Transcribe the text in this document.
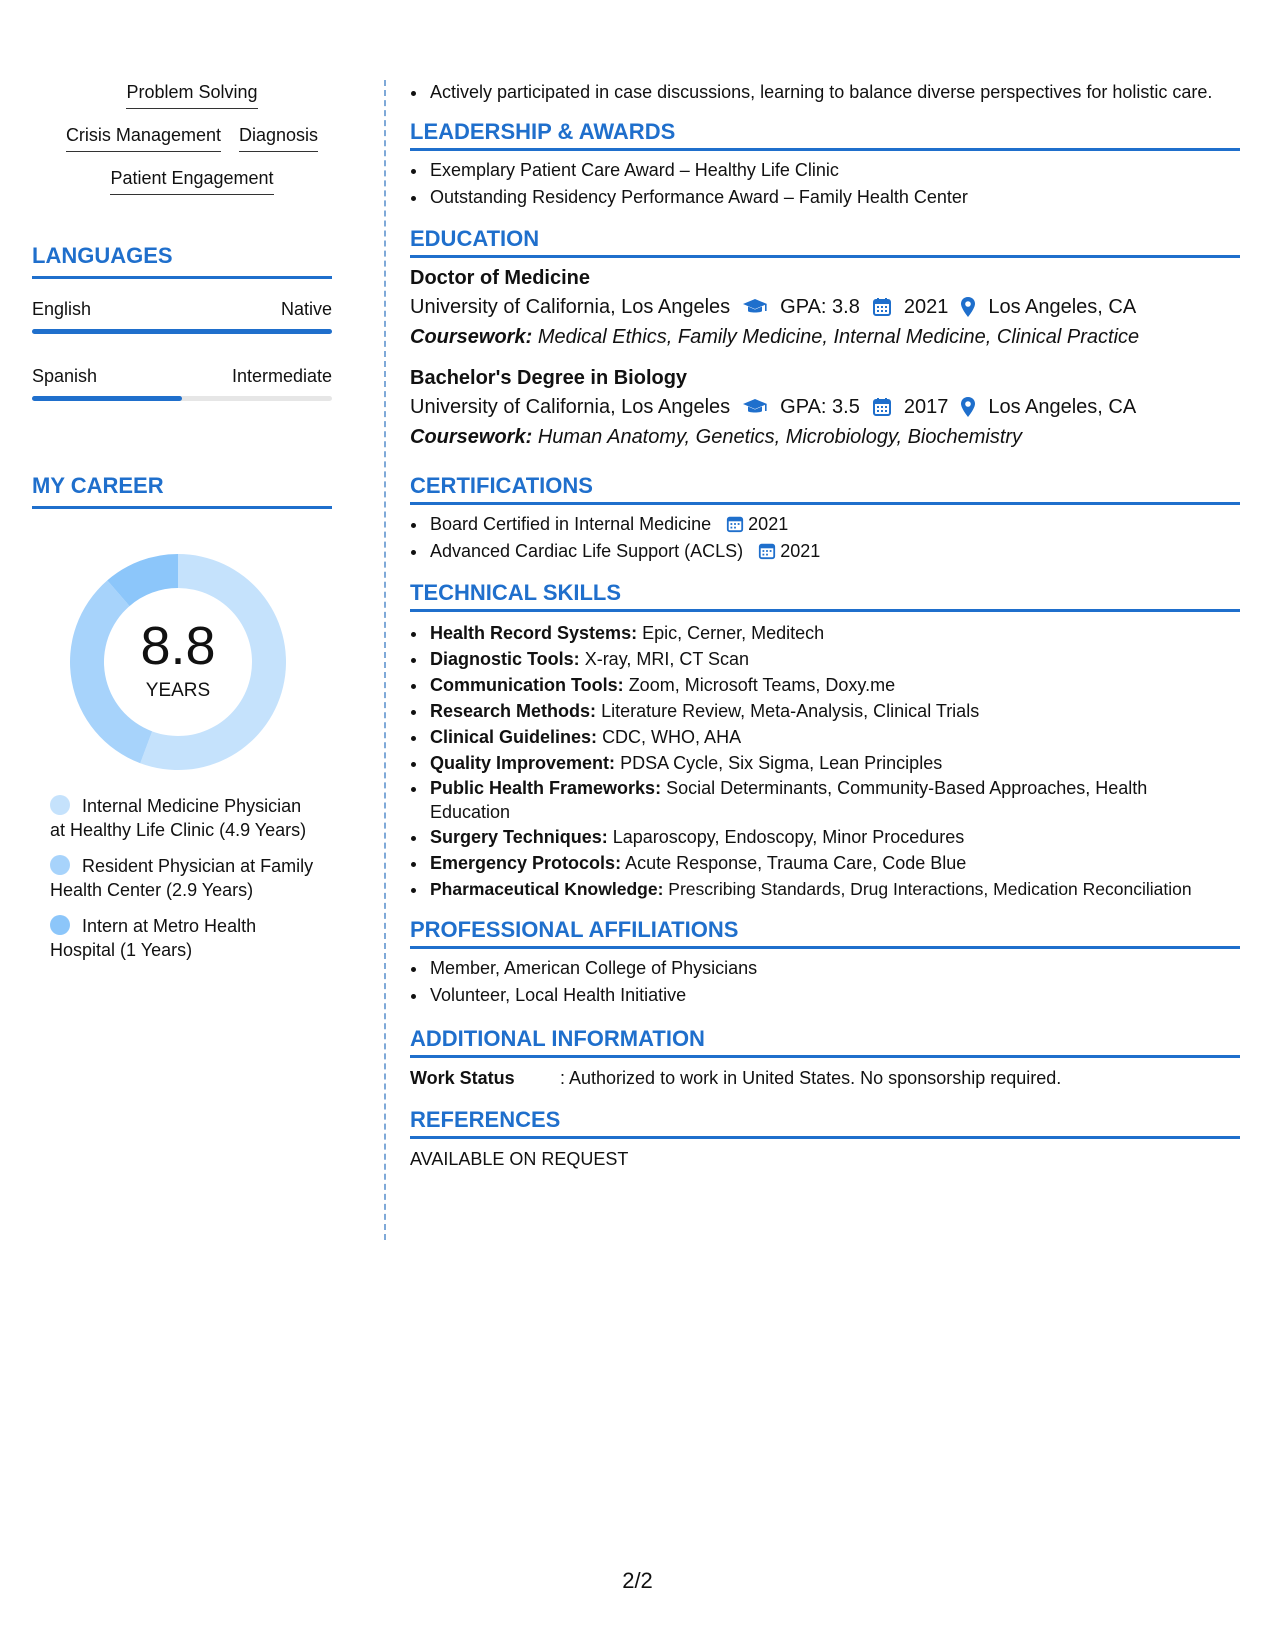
Problem Solving
Crisis Management Diagnosis
Patient Engagement
LANGUAGES
English	Native
Spanish	Intermediate
MY CAREER
8.8
YEARS
Internal Medicine Physician
at Healthy Life Clinic (4.9 Years)
Resident Physician at Family
Health Center (2.9 Years)
Intern at Metro Health
Hospital (1 Years)
• Actively participated in case discussions, learning to balance diverse perspectives for holistic care.
LEADERSHIP & AWARDS
• Exemplary Patient Care Award – Healthy Life Clinic
• Outstanding Residency Performance Award – Family Health Center
EDUCATION
Doctor of Medicine
University of California, Los Angeles	GPA: 3.8 2021 Los Angeles, CA
Coursework: Medical Ethics, Family Medicine, Internal Medicine, Clinical Practice
Bachelor's Degree in Biology
University of California, Los Angeles	GPA: 3.5 2017 Los Angeles, CA
Coursework: Human Anatomy, Genetics, Microbiology, Biochemistry
CERTIFICATIONS
• Board Certified in Internal Medicine 2021
• Advanced Cardiac Life Support (ACLS) 2021
TECHNICAL SKILLS
• Health Record Systems: Epic, Cerner, Meditech
• Diagnostic Tools: X-ray, MRI, CT Scan
• Communication Tools: Zoom, Microsoft Teams, Doxy.me
• Research Methods: Literature Review, Meta-Analysis, Clinical Trials
• Clinical Guidelines: CDC, WHO, AHA
• Quality Improvement: PDSA Cycle, Six Sigma, Lean Principles
• Public Health Frameworks: Social Determinants, Community-Based Approaches, Health Education
• Surgery Techniques: Laparoscopy, Endoscopy, Minor Procedures
• Emergency Protocols: Acute Response, Trauma Care, Code Blue
• Pharmaceutical Knowledge: Prescribing Standards, Drug Interactions, Medication Reconciliation
PROFESSIONAL AFFILIATIONS
• Member, American College of Physicians
• Volunteer, Local Health Initiative
ADDITIONAL INFORMATION
Work Status	: Authorized to work in United States. No sponsorship required.
REFERENCES
AVAILABLE ON REQUEST
2/2
